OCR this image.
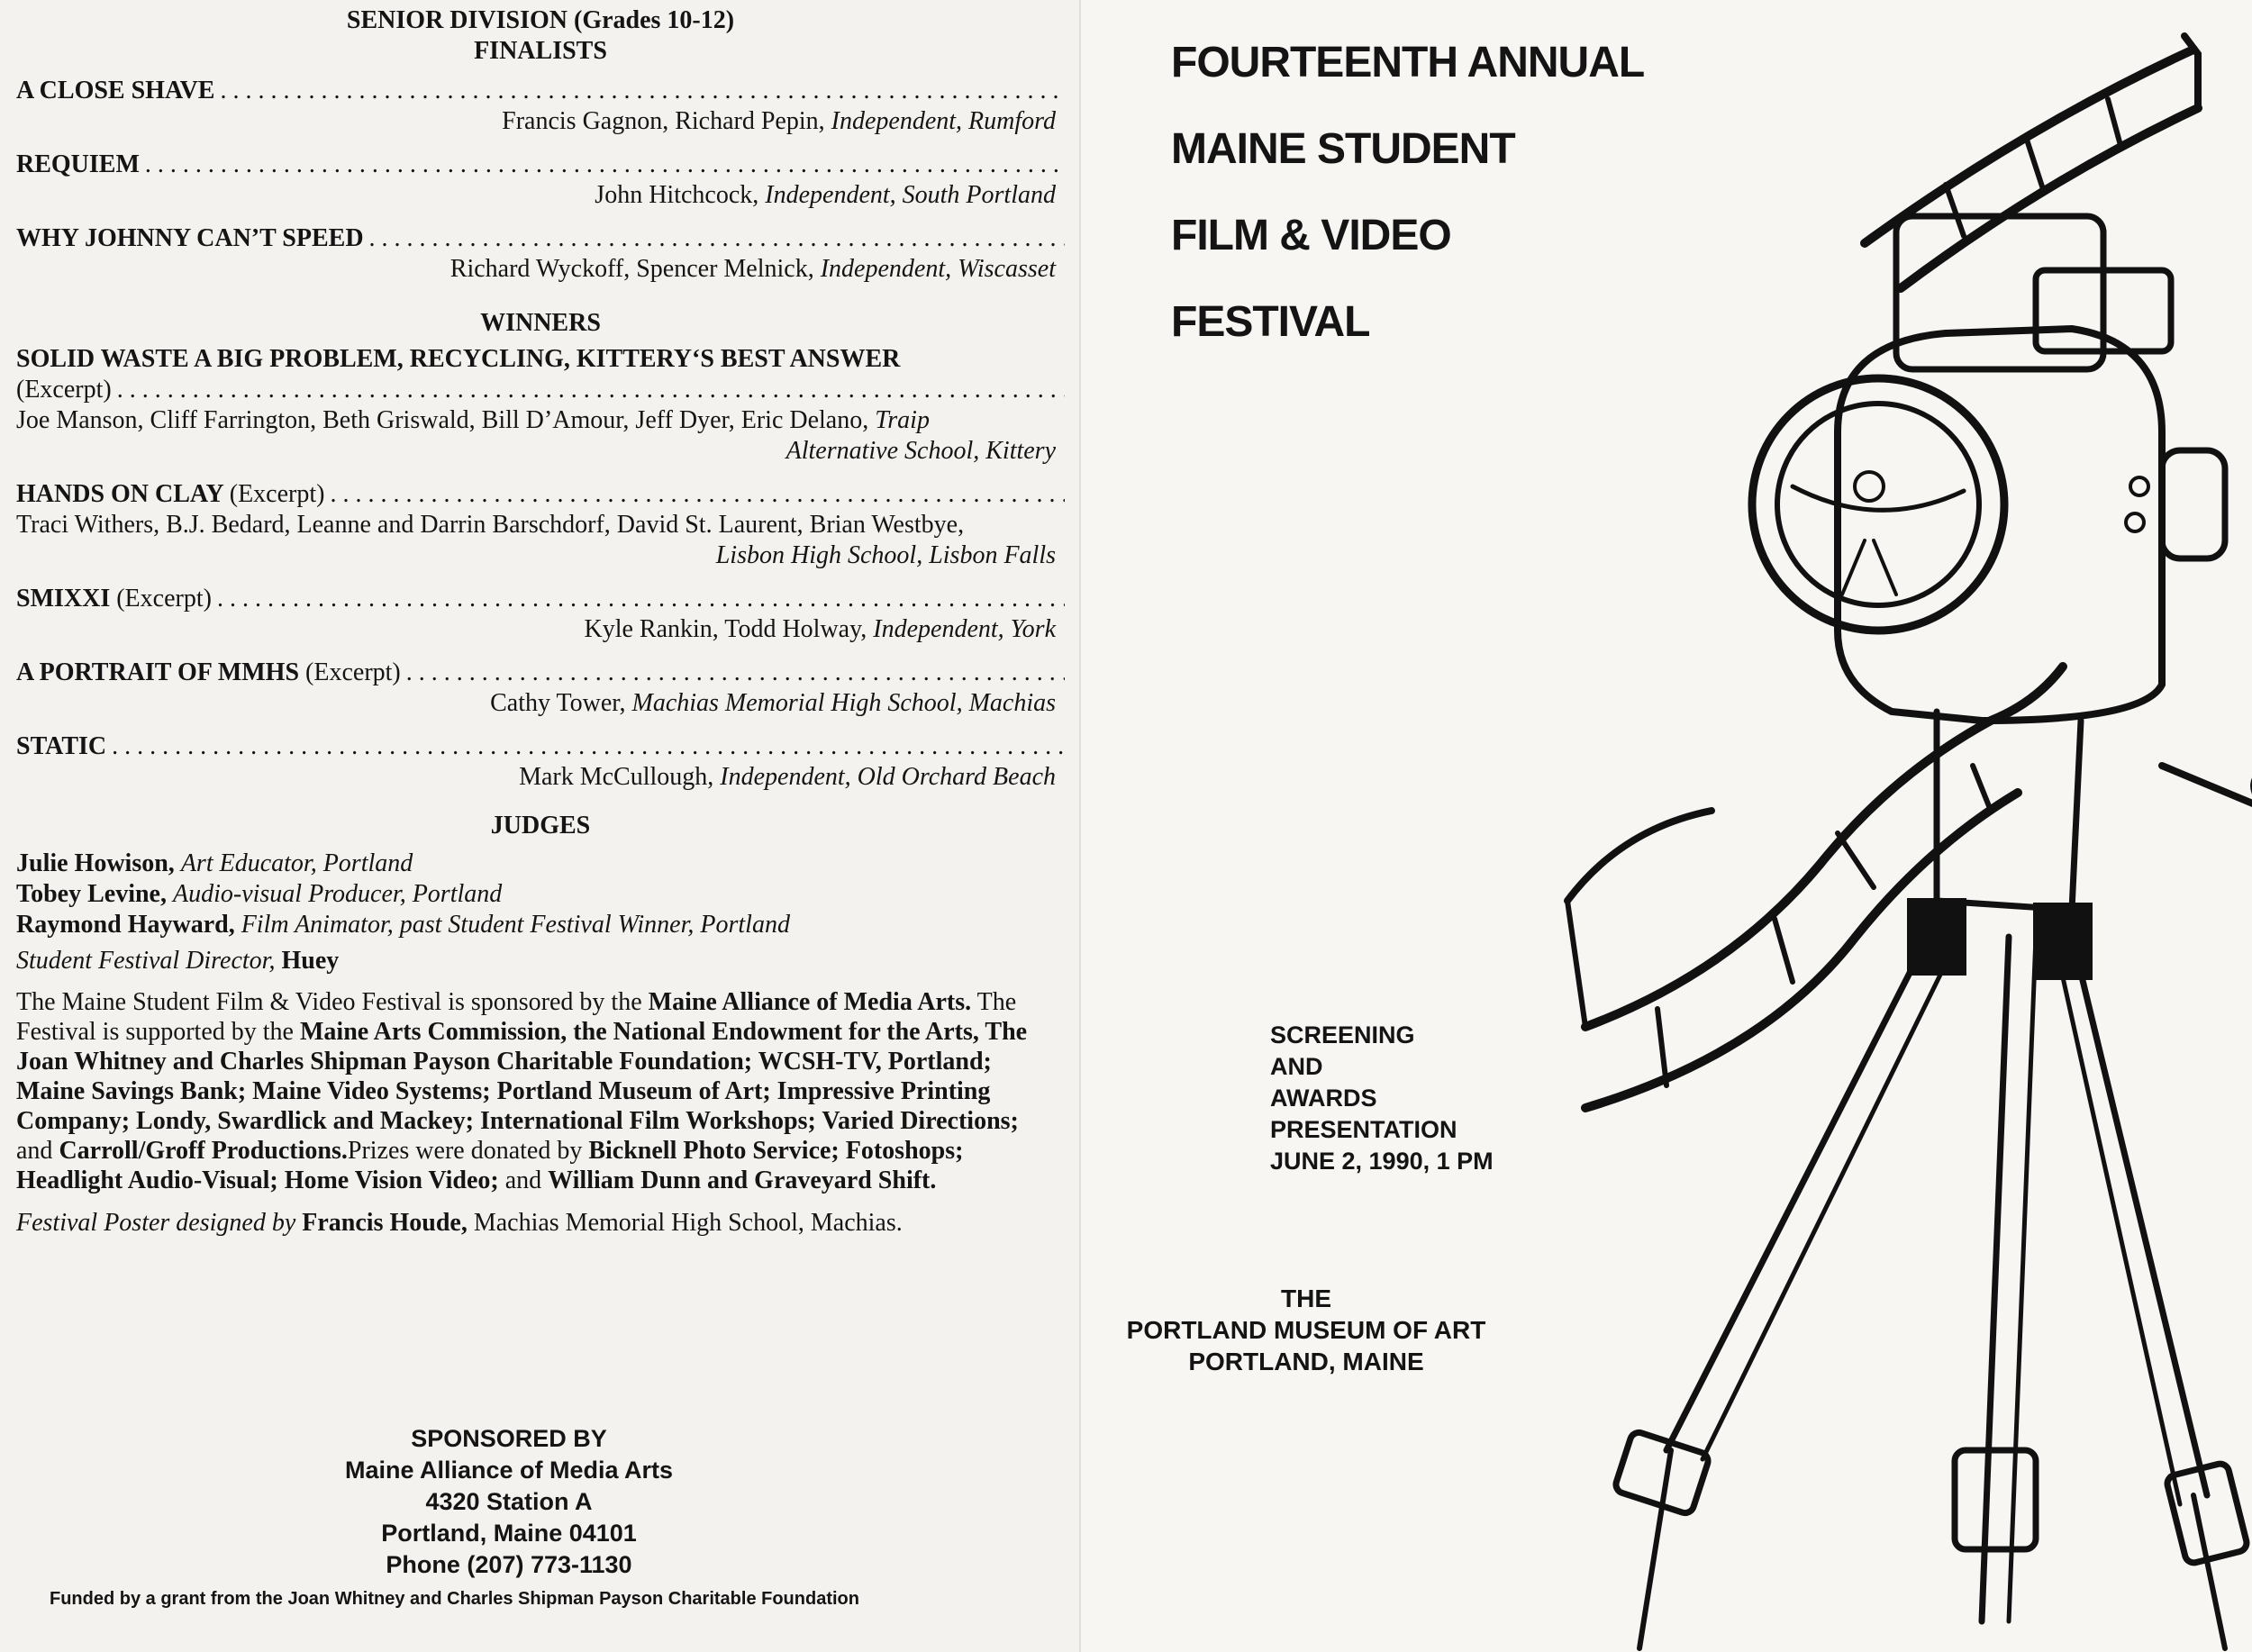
SENIOR DIVISION (Grades 10-12)
FINALISTS
A CLOSE SHAVE
. . .
Francis Gagnon, Richard Pepin, Independent, Rumford
REQUIEM
. . .
John Hitchcock, Independent, South Portland
WHY JOHNNY CAN’T SPEED
. . .
Richard Wyckoff, Spencer Melnick, Independent, Wiscasset
WINNERS
SOLID WASTE A BIG PROBLEM, RECYCLING, KITTERY‘S BEST ANSWER
(Excerpt)
. . .
Joe Manson, Cliff Farrington, Beth Griswald, Bill D’Amour, Jeff Dyer, Eric Delano, Traip
Alternative School, Kittery
HANDS ON CLAY (Excerpt)
. . .
Traci Withers, B.J. Bedard, Leanne and Darrin Barschdorf, David St. Laurent, Brian Westbye,
Lisbon High School, Lisbon Falls
SMIXXI (Excerpt)
. . .
Kyle Rankin, Todd Holway, Independent, York
A PORTRAIT OF MMHS (Excerpt)
. . .
Cathy Tower, Machias Memorial High School, Machias
STATIC
. . .
Mark McCullough, Independent, Old Orchard Beach
JUDGES
Julie Howison, Art Educator, Portland
Tobey Levine, Audio-visual Producer, Portland
Raymond Hayward, Film Animator, past Student Festival Winner, Portland
Student Festival Director, Huey
The Maine Student Film & Video Festival is sponsored by the Maine Alliance of Media Arts. The Festival is supported by the Maine Arts Commission, the National Endowment for the Arts, The Joan Whitney and Charles Shipman Payson Charitable Foundation; WCSH-TV, Portland; Maine Savings Bank; Maine Video Systems; Portland Museum of Art; Impressive Printing Company; Londy, Swardlick and Mackey; International Film Workshops; Varied Directions; and Carroll/Groff Productions.Prizes were donated by Bicknell Photo Service; Fotoshops; Headlight Audio-Visual; Home Vision Video; and William Dunn and Graveyard Shift.
Festival Poster designed by Francis Houde, Machias Memorial High School, Machias.
SPONSORED BY
Maine Alliance of Media Arts
4320 Station A
Portland, Maine 04101
Phone (207) 773-1130
Funded by a grant from the Joan Whitney and Charles Shipman Payson Charitable Foundation
FOURTEENTH ANNUAL
MAINE STUDENT
FILM & VIDEO
FESTIVAL
SCREENING
AND
AWARDS
PRESENTATION
JUNE 2, 1990, 1 PM
THE
PORTLAND MUSEUM OF ART
PORTLAND, MAINE
